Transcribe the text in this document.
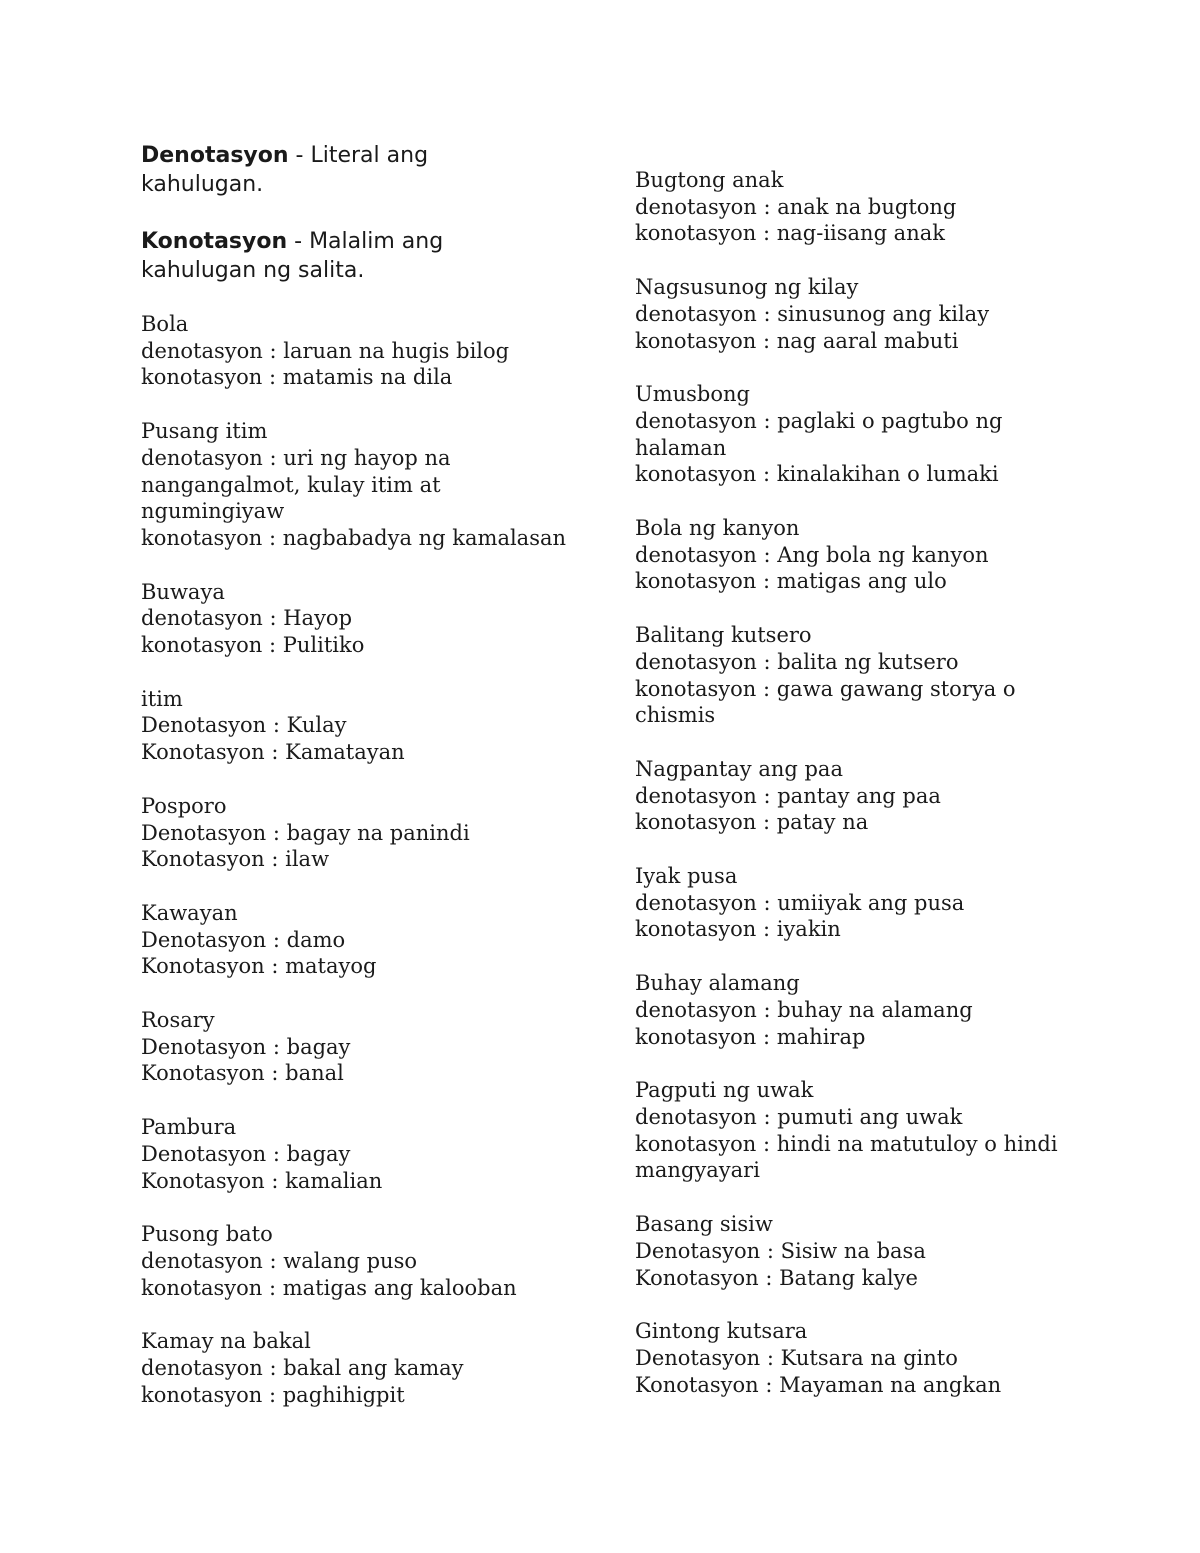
Denotasyon - Literal ang kahulugan.

Konotasyon - Malalim ang kahulugan ng salita.

Bola
denotasyon : laruan na hugis bilog
konotasyon : matamis na dila
Pusang itim
denotasyon : uri ng hayop na nangangalmot, kulay itim at ngumingiyaw
konotasyon : nagbabadya ng kamalasan
Buwaya
denotasyon : Hayop
konotasyon : Pulitiko
itim
Denotasyon : Kulay
Konotasyon : Kamatayan
Posporo
Denotasyon : bagay na panindi
Konotasyon : ilaw
Kawayan
Denotasyon : damo
Konotasyon : matayog
Rosary
Denotasyon : bagay
Konotasyon : banal
Pambura
Denotasyon : bagay
Konotasyon : kamalian
Pusong bato
denotasyon : walang puso
konotasyon : matigas ang kalooban
Kamay na bakal
denotasyon : bakal ang kamay
konotasyon : paghihigpit
Bugtong anak
denotasyon : anak na bugtong
konotasyon : nag-iisang anak
Nagsusunog ng kilay
denotasyon : sinusunog ang kilay
konotasyon : nag aaral mabuti
Umusbong
denotasyon : paglaki o pagtubo ng halaman
konotasyon : kinalakihan o lumaki
Bola ng kanyon
denotasyon : Ang bola ng kanyon
konotasyon : matigas ang ulo
Balitang kutsero
denotasyon : balita ng kutsero
konotasyon : gawa gawang storya o chismis
Nagpantay ang paa
denotasyon : pantay ang paa
konotasyon : patay na
Iyak pusa
denotasyon : umiiyak ang pusa
konotasyon : iyakin
Buhay alamang
denotasyon : buhay na alamang
konotasyon : mahirap
Pagputi ng uwak
denotasyon : pumuti ang uwak
konotasyon : hindi na matutuloy o hindi mangyayari
Basang sisiw
Denotasyon : Sisiw na basa
Konotasyon : Batang kalye
Gintong kutsara
Denotasyon : Kutsara na ginto
Konotasyon : Mayaman na angkan
